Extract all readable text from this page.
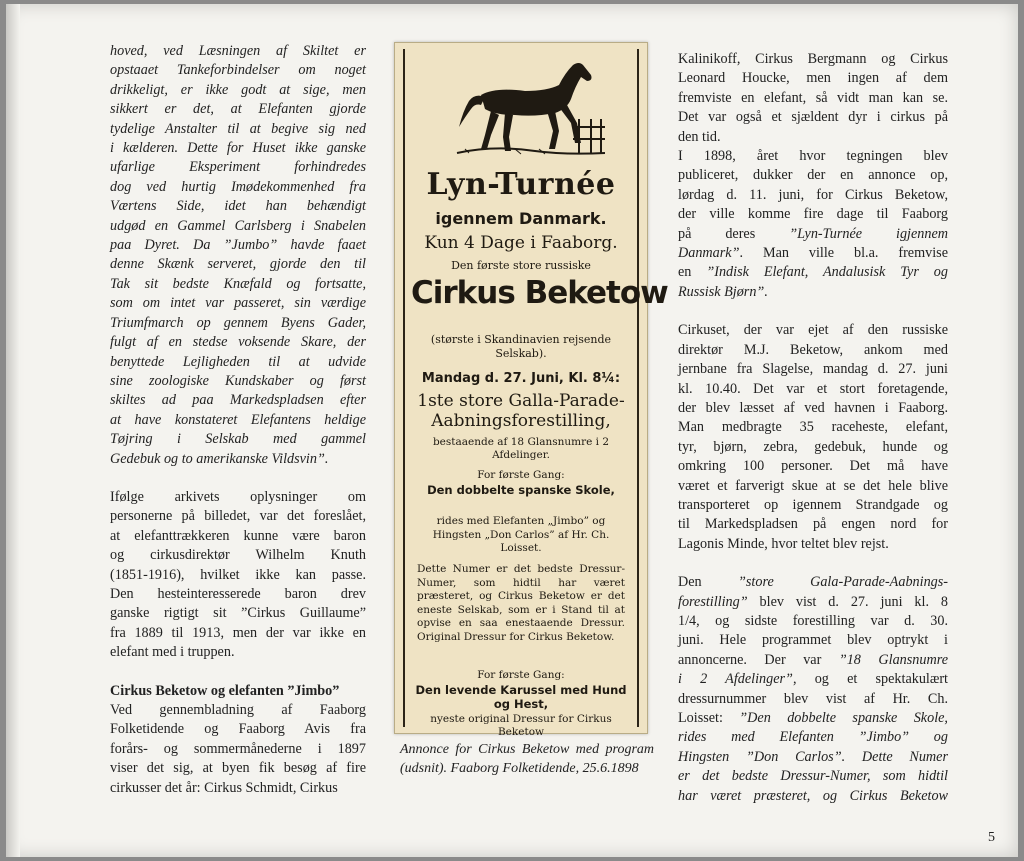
hoved, ved Læsningen af Skiltet er
opstaaet Tankeforbindelser om noget
drikkeligt, er ikke godt at sige, men
sikkert er det, at Elefanten gjorde
tydelige Anstalter til at begive sig ned
i kælderen. Dette for Huset ikke ganske
ufarlige Eksperiment forhindredes
dog ved hurtig Imødekommenhed fra
Værtens Side, idet han behændigt
udgød en Gammel Carlsberg i Snabelen
paa Dyret. Da ”Jumbo” havde faaet
denne Skænk serveret, gjorde den til
Tak sit bedste Knæfald og fortsatte,
som om intet var passeret, sin værdige
Triumfmarch op gennem Byens Gader,
fulgt af en stedse voksende Skare, der
benyttede Lejligheden til at udvide
sine zoologiske Kundskaber og først
skiltes ad paa Markedspladsen efter
at have konstateret Elefantens heldige
Tøjring i Selskab med gammel
Gedebuk og to amerikanske Vildsvin”.
Ifølge arkivets oplysninger om
personerne på billedet, var det foreslået,
at elefanttrækkeren kunne være baron
og cirkusdirektør Wilhelm Knuth
(1851-1916), hvilket ikke kan passe.
Den hesteinteresserede baron drev
ganske rigtigt sit ”Cirkus Guillaume”
fra 1889 til 1913, men der var ikke en
elefant med i truppen.

Cirkus Beketow og elefanten ”Jimbo”

Ved gennembladning af Faaborg
Folketidende og Faaborg Avis fra
forårs- og sommermånederne i 1897
viser det sig, at byen fik besøg af fire
cirkusser det år: Cirkus Schmidt, Cirkus
Lyn-Turnée
igennem Danmark.
Kun 4 Dage i Faaborg.
Den første store russiske
Cirkus Beketow
(største i Skandinavien rejsende Selskab).
Mandag d. 27. Juni, Kl. 8¼:
1ste store Galla-Parade-
Aabningsforestilling,
bestaaende af 18 Glansnumre i 2 Afdelinger.
For første Gang:
Den dobbelte spanske Skole,
rides med Elefanten „Jimbo” og Hingsten „Don Carlos” af Hr. Ch. Loisset.
Dette Numer er det bedste Dressur-Numer, som hidtil har været præsteret, og Cirkus Beketow er det eneste Selskab, som er i Stand til at opvise en saa enestaaende Dressur. Original Dressur for Cirkus Beketow.
For første Gang:
Den levende Karussel med Hund og Hest,
nyeste original Dressur for Cirkus Beketow
Annonce for Cirkus Beketow med program (udsnit). Faaborg Folketidende, 25.6.1898
Kalinikoff, Cirkus Bergmann og Cirkus
Leonard Houcke, men ingen af dem
fremviste en elefant, så vidt man kan se.
Det var også et sjældent dyr i cirkus på
den tid.
I 1898, året hvor tegningen blev
publiceret, dukker der en annonce op,
lørdag d. 11. juni, for Cirkus Beketow,
der ville komme fire dage til Faaborg
på deres ”Lyn-Turnée igjennem
Danmark”. Man ville bl.a. fremvise
en ”Indisk Elefant, Andalusisk Tyr og
Russisk Bjørn”.
Cirkuset, der var ejet af den russiske
direktør M.J. Beketow, ankom med
jernbane fra Slagelse, mandag d. 27. juni
kl. 10.40. Det var et stort foretagende,
der blev læsset af ved havnen i Faaborg.
Man medbragte 35 raceheste, elefant,
tyr, bjørn, zebra, gedebuk, hunde og
omkring 100 personer. Det må have
været et farverigt skue at se det hele blive
transporteret op igennem Strandgade og
til Markedspladsen på engen nord for
Lagonis Minde, hvor teltet blev rejst.
Den ”store Gala-Parade-Aabnings-
forestilling” blev vist d. 27. juni kl. 8
1/4, og sidste forestilling var d. 30.
juni. Hele programmet blev optrykt i
annoncerne. Der var ”18 Glansnumre
i 2 Afdelinger”, og et spektakulært
dressurnummer blev vist af Hr. Ch.
Loisset: ”Den dobbelte spanske Skole,
rides med Elefanten ”Jimbo” og
Hingsten ”Don Carlos”. Dette Numer
er det bedste Dressur-Numer, som hidtil
har været præsteret, og Cirkus Beketow
5
